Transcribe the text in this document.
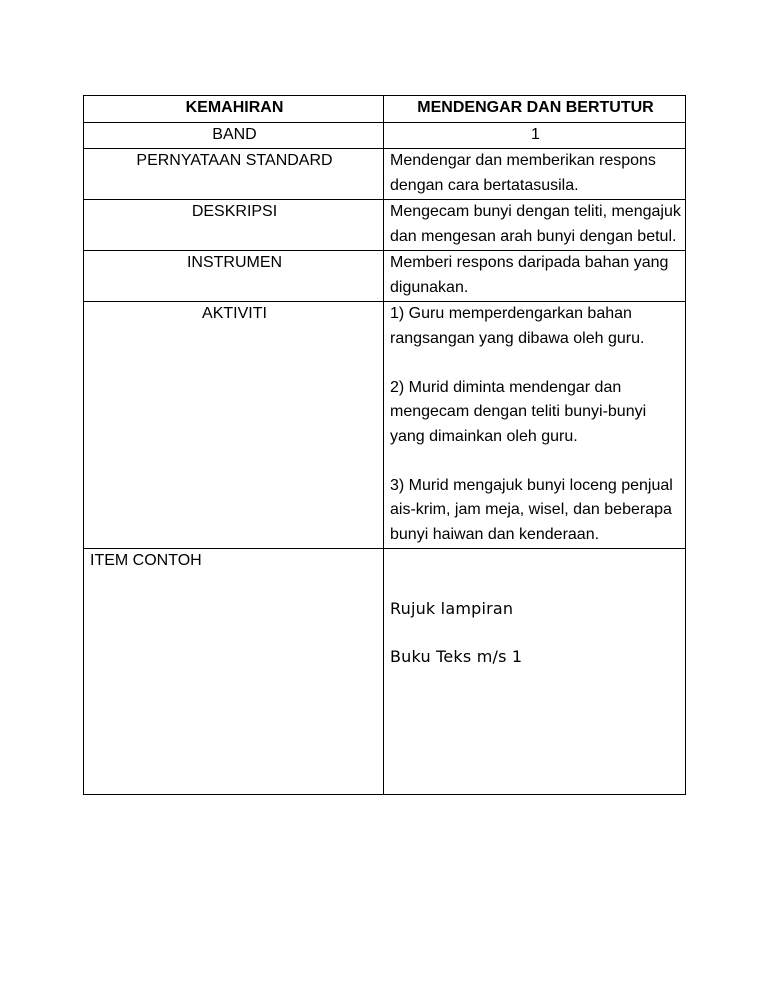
KEMAHIRAN	MENDENGAR DAN BERTUTUR
BAND	1
PERNYATAAN STANDARD	Mendengar dan memberikan respons dengan cara bertatasusila.
DESKRIPSI	Mengecam bunyi dengan teliti, mengajuk dan mengesan arah bunyi dengan betul.
INSTRUMEN	Memberi respons daripada bahan yang digunakan.
AKTIVITI	1) Guru memperdengarkan bahan rangsangan yang dibawa oleh guru.
2) Murid diminta mendengar dan mengecam dengan teliti bunyi-bunyi yang dimainkan oleh guru.
3) Murid mengajuk bunyi loceng penjual ais-krim, jam meja, wisel, dan beberapa bunyi haiwan dan kenderaan.

ITEM CONTOH	Rujuk lampiran
Buku Teks m/s 1
